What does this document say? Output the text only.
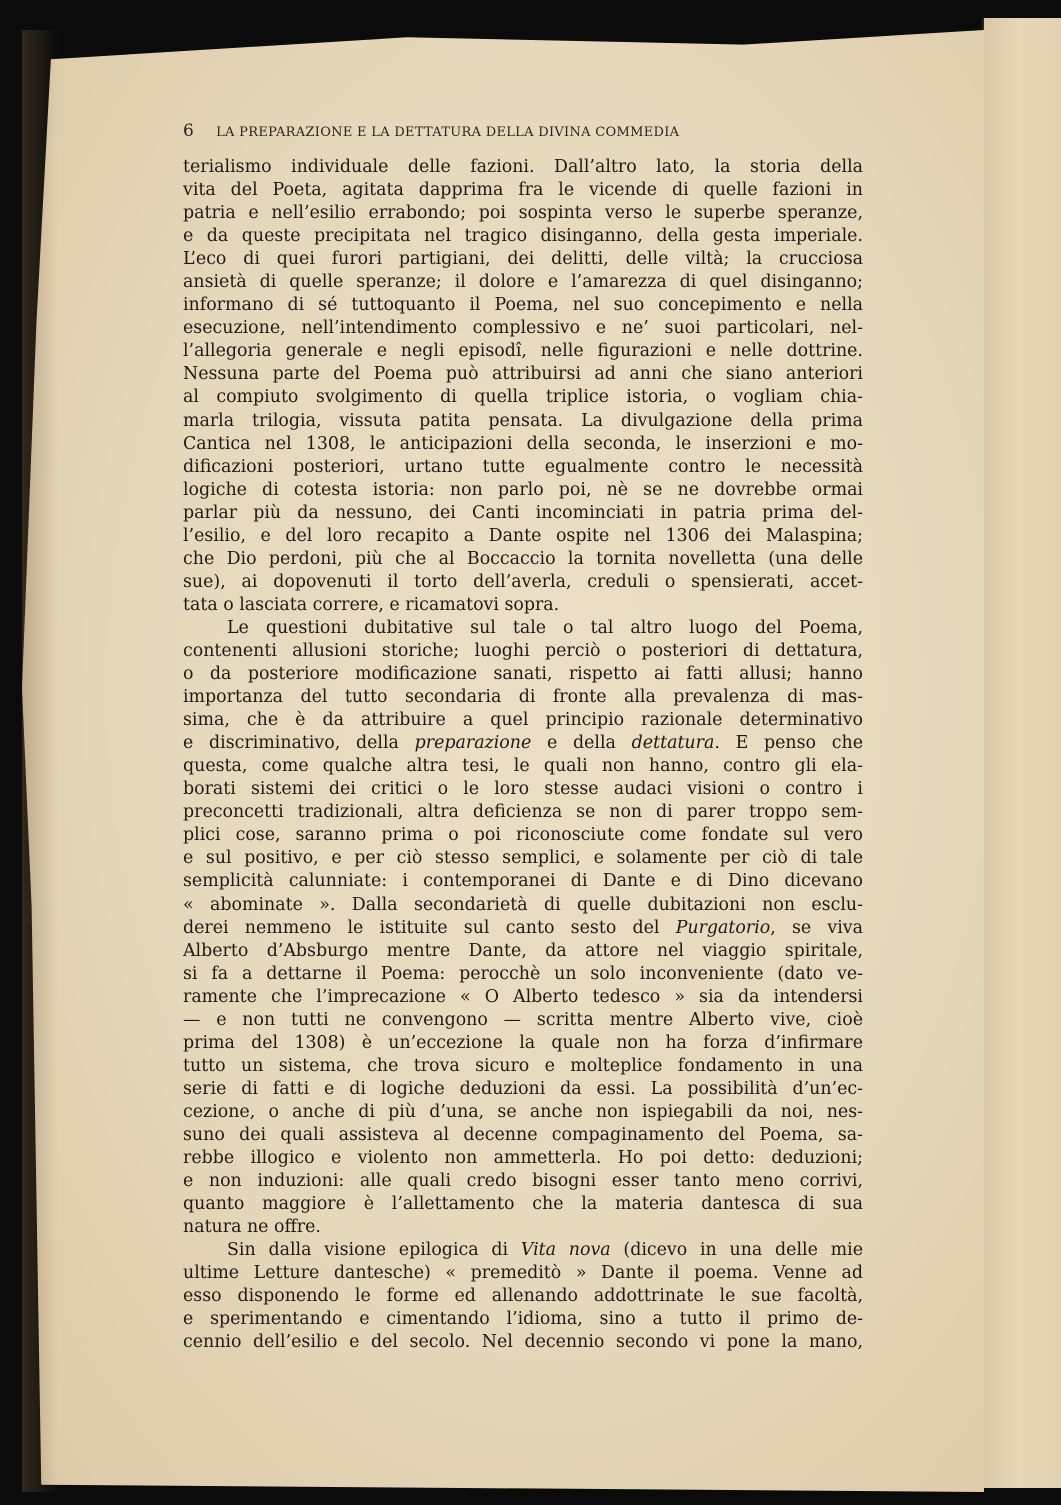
6 LA PREPARAZIONE E LA DETTATURA DELLA DIVINA COMMEDIA
terialismo individuale delle fazioni. Dall’altro lato, la storia della
vita del Poeta, agitata dapprima fra le vicende di quelle fazioni in
patria e nell’esilio errabondo; poi sospinta verso le superbe speranze,
e da queste precipitata nel tragico disinganno, della gesta imperiale.
L’eco di quei furori partigiani, dei delitti, delle viltà; la crucciosa
ansietà di quelle speranze; il dolore e l’amarezza di quel disinganno;
informano di sé tuttoquanto il Poema, nel suo concepimento e nella
esecuzione, nell’intendimento complessivo e ne’ suoi particolari, nel-
l’allegoria generale e negli episodî, nelle figurazioni e nelle dottrine.
Nessuna parte del Poema può attribuirsi ad anni che siano anteriori
al compiuto svolgimento di quella triplice istoria, o vogliam chia-
marla trilogia, vissuta patita pensata. La divulgazione della prima
Cantica nel 1308, le anticipazioni della seconda, le inserzioni e mo-
dificazioni posteriori, urtano tutte egualmente contro le necessità
logiche di cotesta istoria: non parlo poi, nè se ne dovrebbe ormai
parlar più da nessuno, dei Canti incominciati in patria prima del-
l’esilio, e del loro recapito a Dante ospite nel 1306 dei Malaspina;
che Dio perdoni, più che al Boccaccio la tornita novelletta (una delle
sue), ai dopovenuti il torto dell’averla, creduli o spensierati, accet-
tata o lasciata correre, e ricamatovi sopra.
Le questioni dubitative sul tale o tal altro luogo del Poema,
contenenti allusioni storiche; luoghi perciò o posteriori di dettatura,
o da posteriore modificazione sanati, rispetto ai fatti allusi; hanno
importanza del tutto secondaria di fronte alla prevalenza di mas-
sima, che è da attribuire a quel principio razionale determinativo
e discriminativo, della preparazione e della dettatura. E penso che
questa, come qualche altra tesi, le quali non hanno, contro gli ela-
borati sistemi dei critici o le loro stesse audaci visioni o contro i
preconcetti tradizionali, altra deficienza se non di parer troppo sem-
plici cose, saranno prima o poi riconosciute come fondate sul vero
e sul positivo, e per ciò stesso semplici, e solamente per ciò di tale
semplicità calunniate: i contemporanei di Dante e di Dino dicevano
« abominate ». Dalla secondarietà di quelle dubitazioni non esclu-
derei nemmeno le istituite sul canto sesto del Purgatorio, se viva
Alberto d’Absburgo mentre Dante, da attore nel viaggio spiritale,
si fa a dettarne il Poema: perocchè un solo inconveniente (dato ve-
ramente che l’imprecazione « O Alberto tedesco » sia da intendersi
— e non tutti ne convengono — scritta mentre Alberto vive, cioè
prima del 1308) è un’eccezione la quale non ha forza d’infirmare
tutto un sistema, che trova sicuro e molteplice fondamento in una
serie di fatti e di logiche deduzioni da essi. La possibilità d’un’ec-
cezione, o anche di più d’una, se anche non ispiegabili da noi, nes-
suno dei quali assisteva al decenne compaginamento del Poema, sa-
rebbe illogico e violento non ammetterla. Ho poi detto: deduzioni;
e non induzioni: alle quali credo bisogni esser tanto meno corrivi,
quanto maggiore è l’allettamento che la materia dantesca di sua
natura ne offre.
Sin dalla visione epilogica di Vita nova (dicevo in una delle mie
ultime Letture dantesche) « premeditò » Dante il poema. Venne ad
esso disponendo le forme ed allenando addottrinate le sue facoltà,
e sperimentando e cimentando l’idioma, sino a tutto il primo de-
cennio dell’esilio e del secolo. Nel decennio secondo vi pone la mano,
